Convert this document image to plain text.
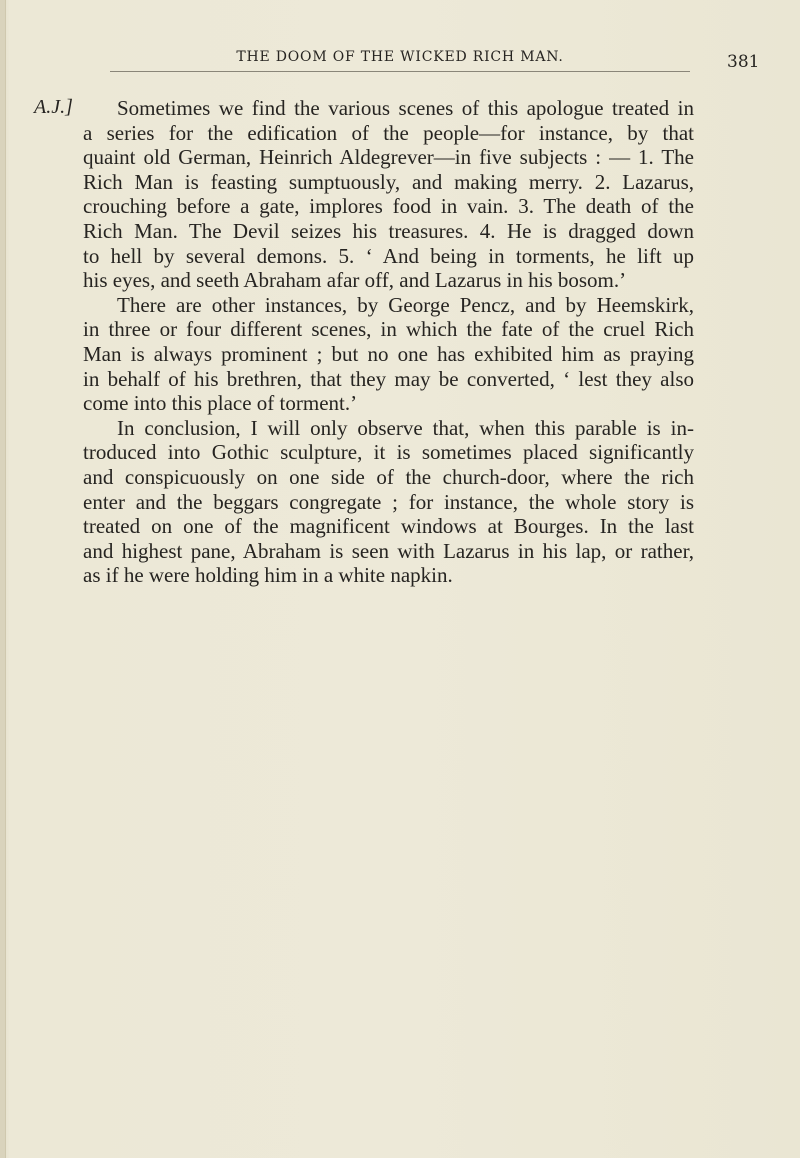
THE DOOM OF THE WICKED RICH MAN.	381
A.J.] Sometimes we find the various scenes of this apologue treated in
a series for the edification of the people—for instance, by that
quaint old German, Heinrich Aldegrever—in five subjects : — 1. The
Rich Man is feasting sumptuously, and making merry. 2. Lazarus,
crouching before a gate, implores food in vain. 3. The death of the
Rich Man. The Devil seizes his treasures. 4. He is dragged down
to hell by several demons. 5. ‘ And being in torments, he lift up
his eyes, and seeth Abraham afar off, and Lazarus in his bosom.’

There are other instances, by George Pencz, and by Heemskirk,
in three or four different scenes, in which the fate of the cruel Rich
Man is always prominent ; but no one has exhibited him as praying
in behalf of his brethren, that they may be converted, ‘ lest they also
come into this place of torment.’

In conclusion, I will only observe that, when this parable is in-
troduced into Gothic sculpture, it is sometimes placed significantly
and conspicuously on one side of the church-door, where the rich
enter and the beggars congregate ; for instance, the whole story is
treated on one of the magnificent windows at Bourges. In the last
and highest pane, Abraham is seen with Lazarus in his lap, or rather,
as if he were holding him in a white napkin.
